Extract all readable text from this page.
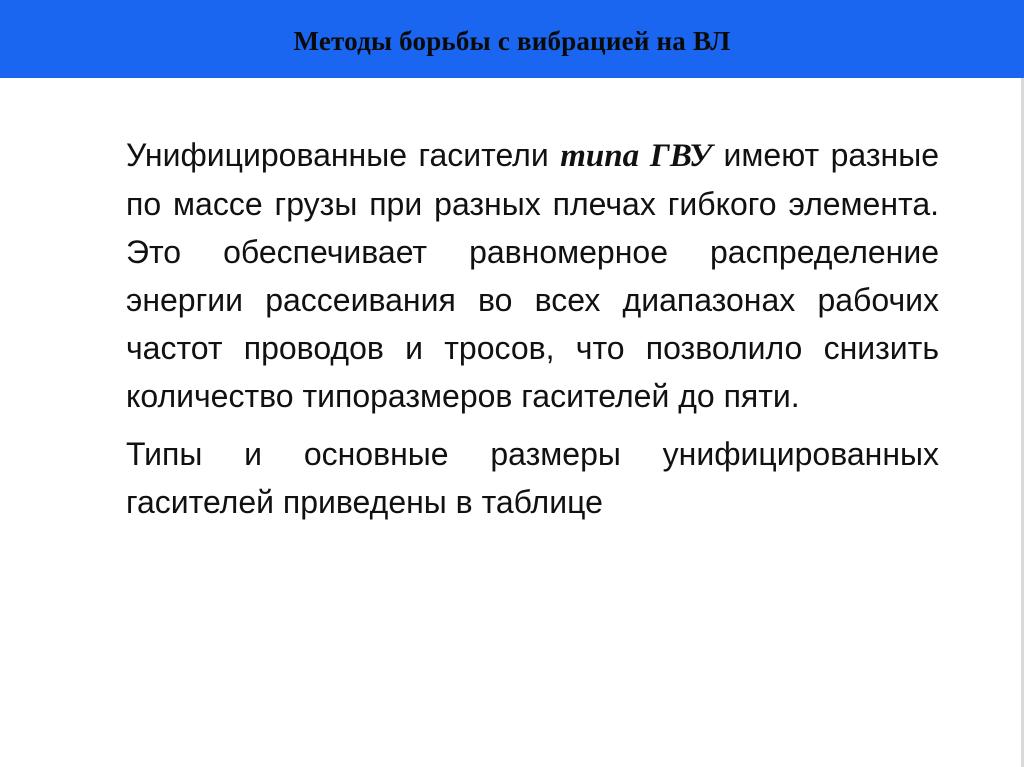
Методы борьбы с вибрацией на ВЛ

Унифицированные гасители типа ГВУ имеют разные по массе грузы при разных плечах гибкого элемента. Это обеспечивает равномерное распределение энергии рассеивания во всех диапазонах рабочих частот проводов и тросов, что позволило снизить количество типоразмеров гасителей до пяти.

Типы и основные размеры унифицированных гасителей приведены в таблице
